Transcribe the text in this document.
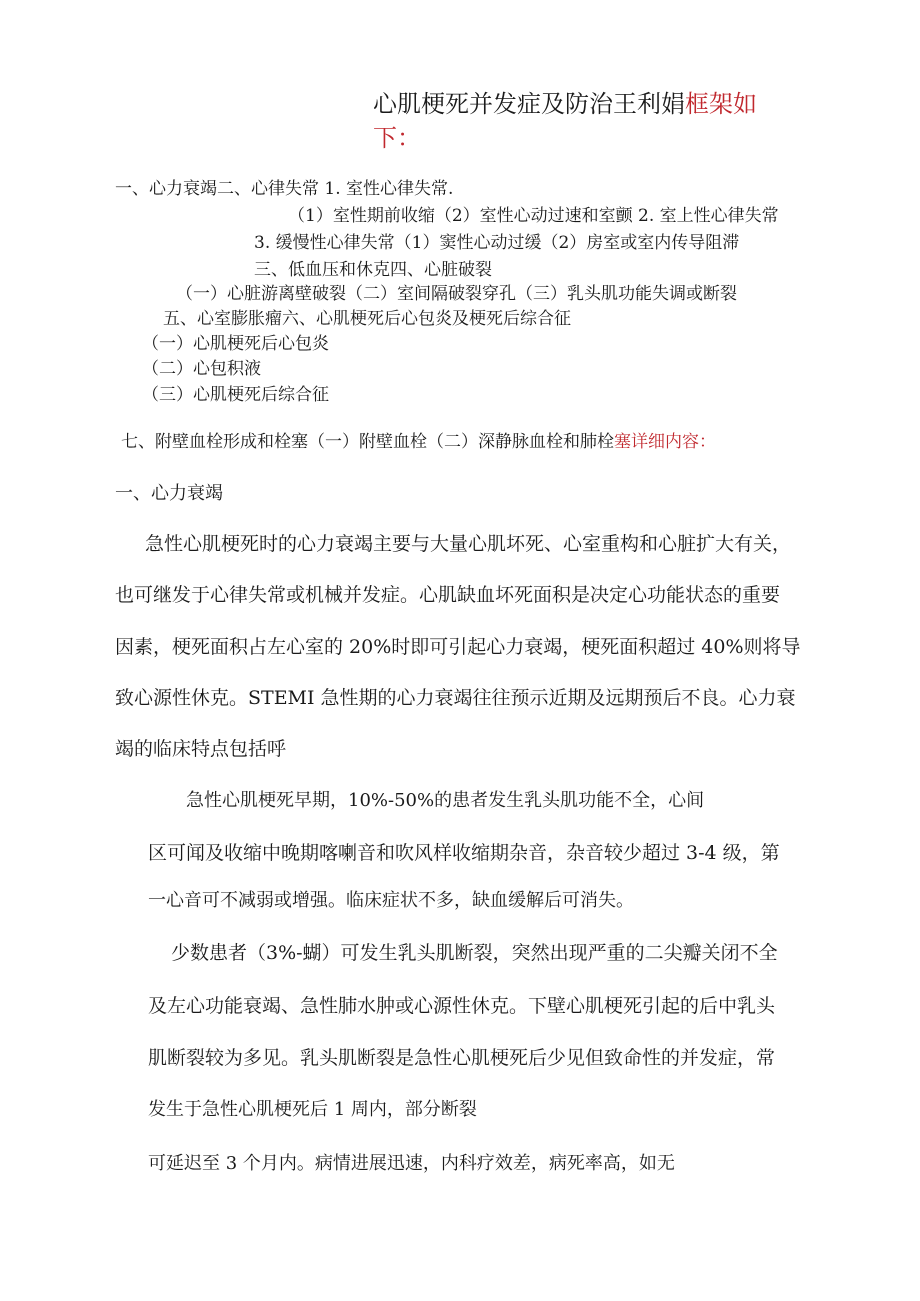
心肌梗死并发症及防治王利娟框架如
下：
一、心力衰竭二、心律失常 1. 室性心律失常.
（1）室性期前收缩（2）室性心动过速和室颤 2. 室上性心律失常
3. 缓慢性心律失常（1）窦性心动过缓（2）房室或室内传导阻滞
三、低血压和休克四、心脏破裂
（一）心脏游离壁破裂（二）室间隔破裂穿孔（三）乳头肌功能失调或断裂
五、心室膨胀瘤六、心肌梗死后心包炎及梗死后综合征
（一）心肌梗死后心包炎
（二）心包积液
（三）心肌梗死后综合征
七、附壁血栓形成和栓塞（一）附壁血栓（二）深静脉血栓和肺栓塞详细内容：
一、心力衰竭
急性心肌梗死时的心力衰竭主要与大量心肌坏死、心室重构和心脏扩大有关，
也可继发于心律失常或机械并发症。心肌缺血坏死面积是决定心功能状态的重要
因素，梗死面积占左心室的 20%时即可引起心力衰竭，梗死面积超过 40%则将导
致心源性休克。STEMI 急性期的心力衰竭往往预示近期及远期预后不良。心力衰
竭的临床特点包括呼
急性心肌梗死早期，10%-50%的患者发生乳头肌功能不全，心间
区可闻及收缩中晚期喀喇音和吹风样收缩期杂音，杂音较少超过 3-4 级，第
一心音可不减弱或增强。临床症状不多，缺血缓解后可消失。
少数患者（3%-蝴）可发生乳头肌断裂，突然出现严重的二尖瓣关闭不全
及左心功能衰竭、急性肺水肿或心源性休克。下壁心肌梗死引起的后中乳头
肌断裂较为多见。乳头肌断裂是急性心肌梗死后少见但致命性的并发症，常
发生于急性心肌梗死后 1 周内，部分断裂
可延迟至 3 个月内。病情进展迅速，内科疗效差，病死率高，如无
